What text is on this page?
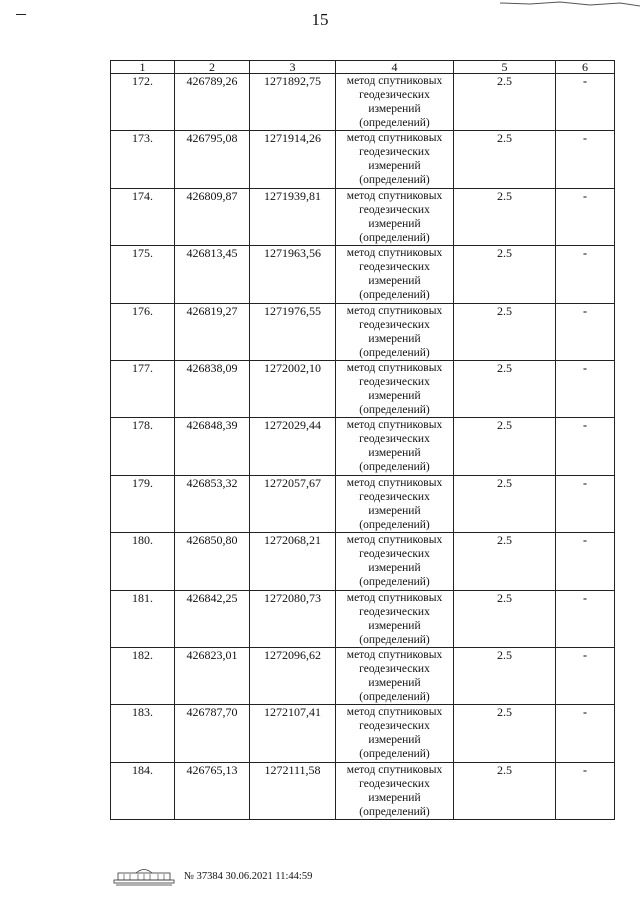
15
1	2	3	4	5	6
172.	426789,26	1271892,75	метод спутниковых
геодезических
измерений
(определений)	2.5	-
173.	426795,08	1271914,26	метод спутниковых
геодезических
измерений
(определений)	2.5	-
174.	426809,87	1271939,81	метод спутниковых
геодезических
измерений
(определений)	2.5	-
175.	426813,45	1271963,56	метод спутниковых
геодезических
измерений
(определений)	2.5	-
176.	426819,27	1271976,55	метод спутниковых
геодезических
измерений
(определений)	2.5	-
177.	426838,09	1272002,10	метод спутниковых
геодезических
измерений
(определений)	2.5	-
178.	426848,39	1272029,44	метод спутниковых
геодезических
измерений
(определений)	2.5	-
179.	426853,32	1272057,67	метод спутниковых
геодезических
измерений
(определений)	2.5	-
180.	426850,80	1272068,21	метод спутниковых
геодезических
измерений
(определений)	2.5	-
181.	426842,25	1272080,73	метод спутниковых
геодезических
измерений
(определений)	2.5	-
182.	426823,01	1272096,62	метод спутниковых
геодезических
измерений
(определений)	2.5	-
183.	426787,70	1272107,41	метод спутниковых
геодезических
измерений
(определений)	2.5	-
184.	426765,13	1272111,58	метод спутниковых
геодезических
измерений
(определений)	2.5	-
№ 37384 30.06.2021 11:44:59
